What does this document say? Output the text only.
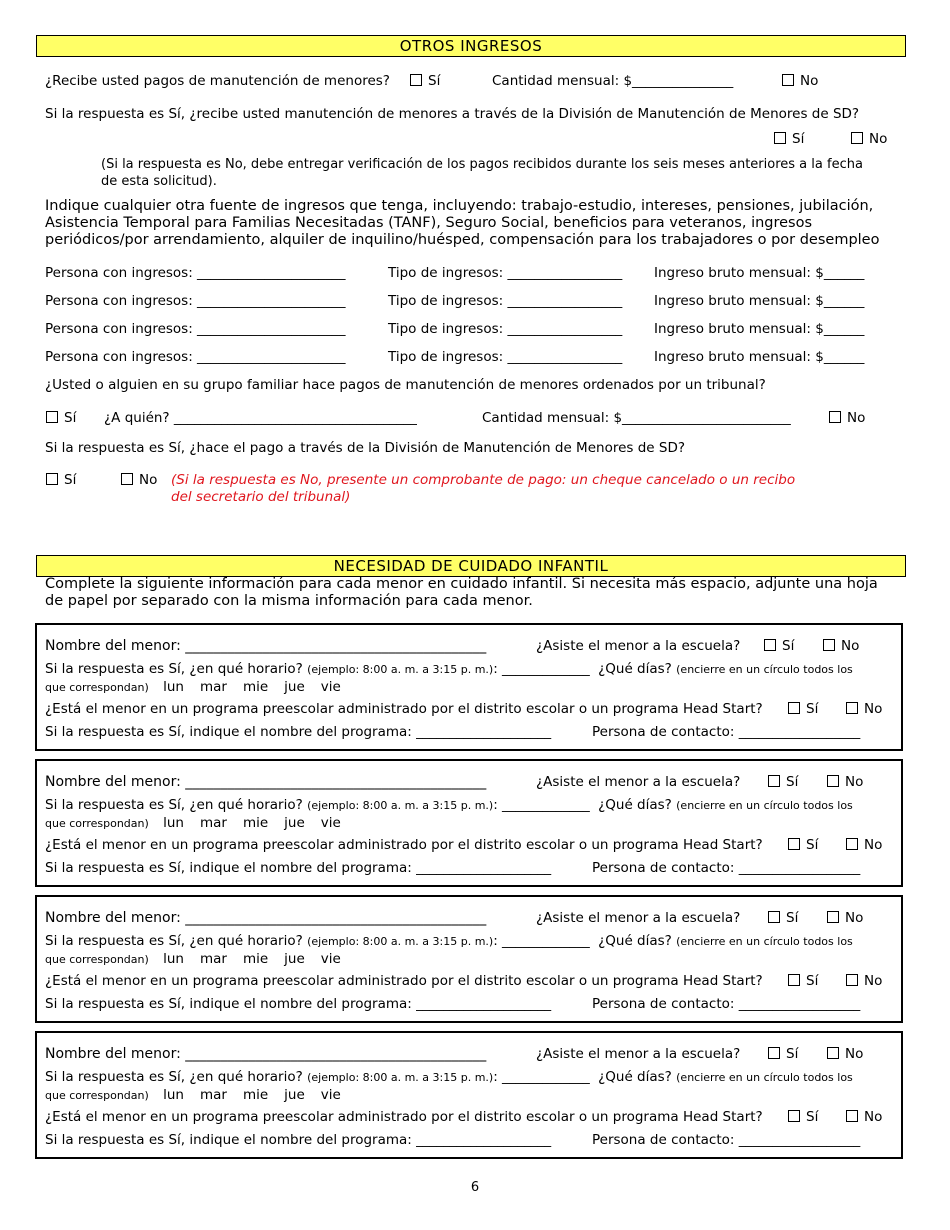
OTROS INGRESOS
¿Recibe usted pagos de manutención de menores?	Sí	Cantidad mensual: $_______________	No
Si la respuesta es Sí, ¿recibe usted manutención de menores a través de la División de Manutención de Menores de SD?
Sí	No
(Si la respuesta es No, debe entregar verificación de los pagos recibidos durante los seis meses anteriores a la fecha
de esta solicitud).
Indique cualquier otra fuente de ingresos que tenga, incluyendo: trabajo-estudio, intereses, pensiones, jubilación,
Asistencia Temporal para Familias Necesitadas (TANF), Seguro Social, beneficios para veteranos, ingresos
periódicos/por arrendamiento, alquiler de inquilino/huésped, compensación para los trabajadores o por desempleo
Persona con ingresos: ______________________	Tipo de ingresos: _________________ Ingreso bruto mensual: $______
Persona con ingresos: ______________________	Tipo de ingresos: _________________ Ingreso bruto mensual: $______
Persona con ingresos: ______________________	Tipo de ingresos: _________________ Ingreso bruto mensual: $______
Persona con ingresos: ______________________	Tipo de ingresos: _________________ Ingreso bruto mensual: $______
¿Usted o alguien en su grupo familiar hace pagos de manutención de menores ordenados por un tribunal?
Sí ¿A quién? ____________________________________	Cantidad mensual: $_________________________	No
Si la respuesta es Sí, ¿hace el pago a través de la División de Manutención de Menores de SD?
Sí	No (Si la respuesta es No, presente un comprobante de pago: un cheque cancelado o un recibo
del secretario del tribunal)
NECESIDAD DE CUIDADO INFANTIL
Complete la siguiente información para cada menor en cuidado infantil. Si necesita más espacio, adjunte una hoja
de papel por separado con la misma información para cada menor.
Nombre del menor: ___________________________________________	¿Asiste el menor a la escuela?	Sí	No
Si la respuesta es Sí, ¿en qué horario? (ejemplo: 8:00 a. m. a 3:15 p. m.): _____________ ¿Qué días? (encierre en un círculo todos los
que correspondan) lun mar mie jue vie
¿Está el menor en un programa preescolar administrado por el distrito escolar o un programa Head Start?	Sí	No
Si la respuesta es Sí, indique el nombre del programa: ____________________	Persona de contacto: __________________
Nombre del menor: ___________________________________________	¿Asiste el menor a la escuela?	Sí	No
Si la respuesta es Sí, ¿en qué horario? (ejemplo: 8:00 a. m. a 3:15 p. m.): _____________ ¿Qué días? (encierre en un círculo todos los
que correspondan) lun mar mie jue vie
¿Está el menor en un programa preescolar administrado por el distrito escolar o un programa Head Start?	Sí	No
Si la respuesta es Sí, indique el nombre del programa: ____________________	Persona de contacto: __________________
Nombre del menor: ___________________________________________	¿Asiste el menor a la escuela?	Sí	No
Si la respuesta es Sí, ¿en qué horario? (ejemplo: 8:00 a. m. a 3:15 p. m.): _____________ ¿Qué días? (encierre en un círculo todos los
que correspondan) lun mar mie jue vie
¿Está el menor en un programa preescolar administrado por el distrito escolar o un programa Head Start?	Sí	No
Si la respuesta es Sí, indique el nombre del programa: ____________________	Persona de contacto: __________________
Nombre del menor: ___________________________________________	¿Asiste el menor a la escuela?	Sí	No
Si la respuesta es Sí, ¿en qué horario? (ejemplo: 8:00 a. m. a 3:15 p. m.): _____________ ¿Qué días? (encierre en un círculo todos los
que correspondan) lun mar mie jue vie
¿Está el menor en un programa preescolar administrado por el distrito escolar o un programa Head Start?	Sí	No
Si la respuesta es Sí, indique el nombre del programa: ____________________	Persona de contacto: __________________
6
